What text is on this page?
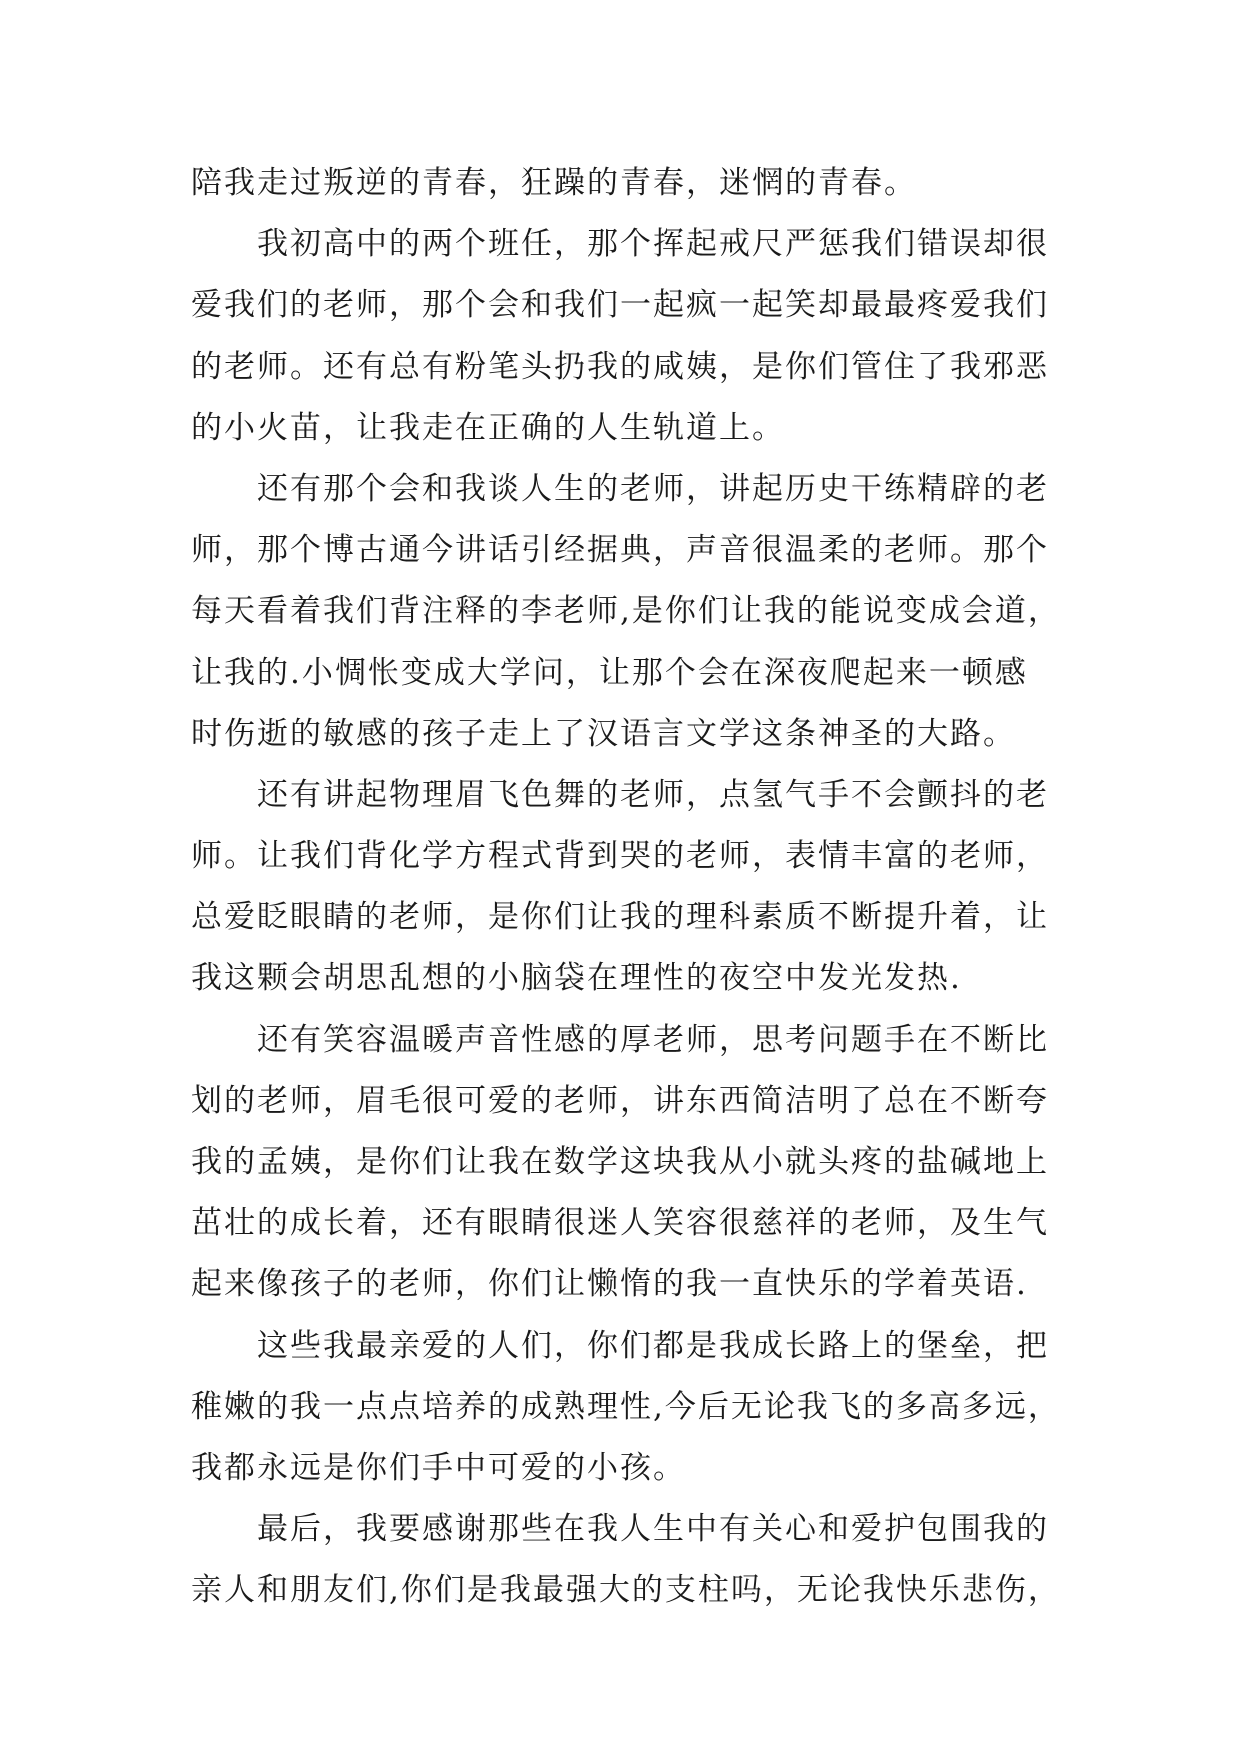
陪我走过叛逆的青春，狂躁的青春，迷惘的青春。
我初高中的两个班任，那个挥起戒尺严惩我们错误却很
爱我们的老师，那个会和我们一起疯一起笑却最最疼爱我们
的老师。还有总有粉笔头扔我的咸姨，是你们管住了我邪恶
的小火苗，让我走在正确的人生轨道上。
还有那个会和我谈人生的老师，讲起历史干练精辟的老
师，那个博古通今讲话引经据典，声音很温柔的老师。那个
每天看着我们背注释的李老师,是你们让我的能说变成会道，
让我的.小惆怅变成大学问，让那个会在深夜爬起来一顿感
时伤逝的敏感的孩子走上了汉语言文学这条神圣的大路。
还有讲起物理眉飞色舞的老师，点氢气手不会颤抖的老
师。让我们背化学方程式背到哭的老师，表情丰富的老师，
总爱眨眼睛的老师，是你们让我的理科素质不断提升着，让
我这颗会胡思乱想的小脑袋在理性的夜空中发光发热.
还有笑容温暖声音性感的厚老师，思考问题手在不断比
划的老师，眉毛很可爱的老师，讲东西简洁明了总在不断夸
我的孟姨，是你们让我在数学这块我从小就头疼的盐碱地上
茁壮的成长着，还有眼睛很迷人笑容很慈祥的老师，及生气
起来像孩子的老师，你们让懒惰的我一直快乐的学着英语.
这些我最亲爱的人们，你们都是我成长路上的堡垒，把
稚嫩的我一点点培养的成熟理性,今后无论我飞的多高多远，
我都永远是你们手中可爱的小孩。
最后，我要感谢那些在我人生中有关心和爱护包围我的
亲人和朋友们,你们是我最强大的支柱吗，无论我快乐悲伤，
